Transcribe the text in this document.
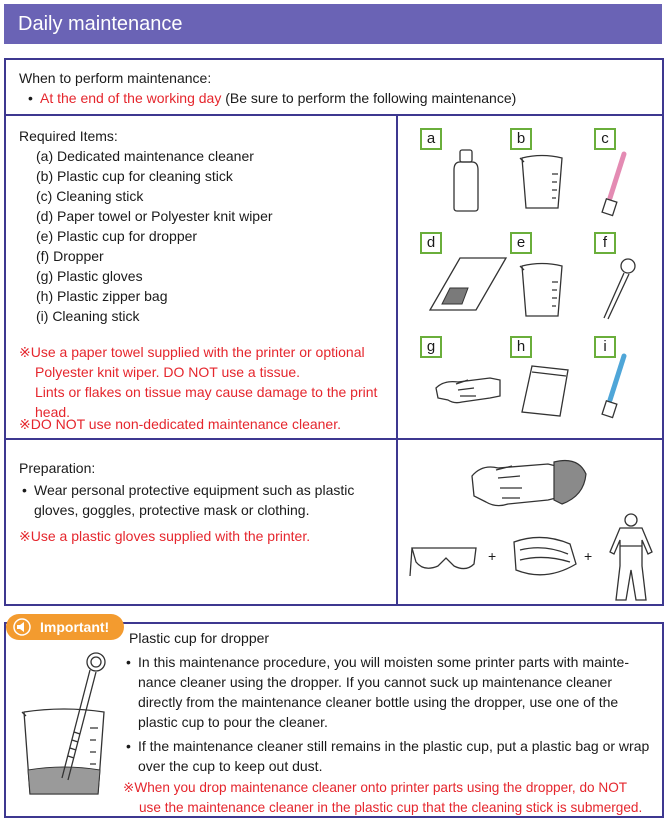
Daily maintenance
When to perform maintenance:
• At the end of the working day (Be sure to perform the following maintenance)
Required Items:
(a) Dedicated maintenance cleaner
(b) Plastic cup for cleaning stick
(c) Cleaning stick
(d) Paper towel or Polyester knit wiper
(e) Plastic cup for dropper
(f) Dropper
(g) Plastic gloves
(h) Plastic zipper bag
(i) Cleaning stick
※Use a paper towel supplied with the printer or optional
Polyester knit wiper. DO NOT use a tissue.
Lints or flakes on tissue may cause damage to the print
head.
※DO NOT use non-dedicated maintenance cleaner.
a	b	c
d	e	f
g	h	i
Preparation:
• Wear personal protective equipment such as plastic
gloves, goggles, protective mask or clothing.
※Use a plastic gloves supplied with the printer.
+	+
Plastic cup for dropper
• In this maintenance procedure, you will moisten some printer parts with mainte-
nance cleaner using the dropper. If you cannot suck up maintenance cleaner
directly from the maintenance cleaner bottle using the dropper, use one of the
plastic cup to pour the cleaner.
• If the maintenance cleaner still remains in the plastic cup, put a plastic bag or wrap
over the cup to keep out dust.
※When you drop maintenance cleaner onto printer parts using the dropper, do NOT
use the maintenance cleaner in the plastic cup that the cleaning stick is submerged.
Important!
